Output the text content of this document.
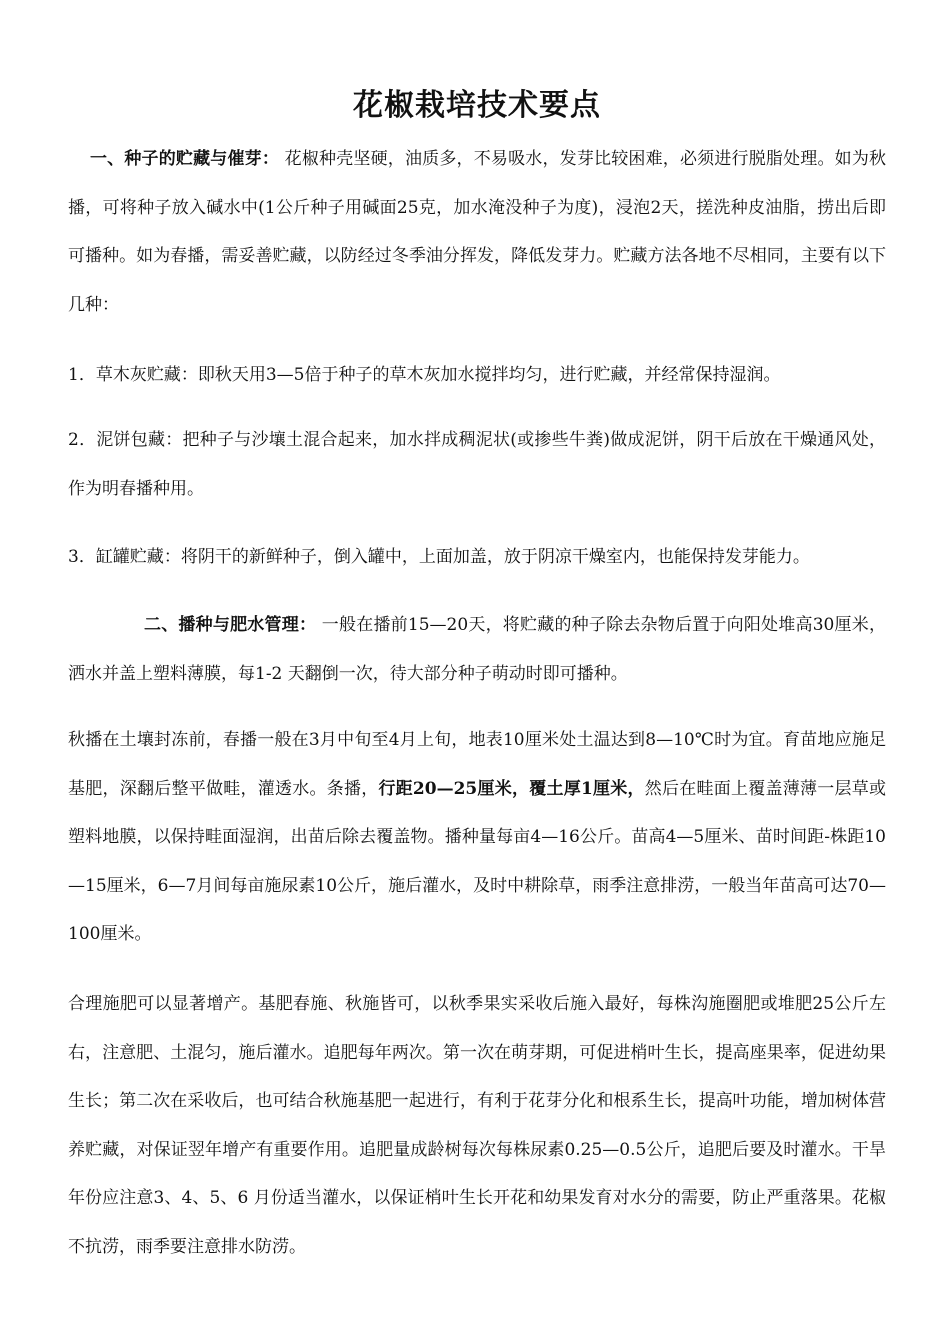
花椒栽培技术要点

一、种子的贮藏与催芽： 花椒种壳坚硬，油质多，不易吸水，发芽比较困难，必须进行脱脂处理。如为秋播，可将种子放入碱水中(1公斤种子用碱面25克，加水淹没种子为度)，浸泡2天，搓洗种皮油脂，捞出后即可播种。如为春播，需妥善贮藏，以防经过冬季油分挥发，降低发芽力。贮藏方法各地不尽相同，主要有以下几种：

1．草木灰贮藏：即秋天用3—5倍于种子的草木灰加水搅拌均匀，进行贮藏，并经常保持湿润。

2．泥饼包藏：把种子与沙壤土混合起来，加水拌成稠泥状(或掺些牛粪)做成泥饼，阴干后放在干燥通风处，作为明春播种用。

3．缸罐贮藏：将阴干的新鲜种子，倒入罐中，上面加盖，放于阴凉干燥室内，也能保持发芽能力。

二、播种与肥水管理： 一般在播前15—20天，将贮藏的种子除去杂物后置于向阳处堆高30厘米，洒水并盖上塑料薄膜，每1-2 天翻倒一次，待大部分种子萌动时即可播种。

秋播在土壤封冻前，春播一般在3月中旬至4月上旬，地表10厘米处土温达到8—10℃时为宜。育苗地应施足基肥，深翻后整平做畦，灌透水。条播，行距20—25厘米，覆土厚1厘米，然后在畦面上覆盖薄薄一层草或塑料地膜，以保持畦面湿润，出苗后除去覆盖物。播种量每亩4—16公斤。苗高4—5厘米、苗时间距-株距10—15厘米，6—7月间每亩施尿素10公斤，施后灌水，及时中耕除草，雨季注意排涝，一般当年苗高可达70—100厘米。

合理施肥可以显著增产。基肥春施、秋施皆可，以秋季果实采收后施入最好，每株沟施圈肥或堆肥25公斤左右，注意肥、土混匀，施后灌水。追肥每年两次。第一次在萌芽期，可促进梢叶生长，提高座果率，促进幼果生长；第二次在采收后，也可结合秋施基肥一起进行，有利于花芽分化和根系生长，提高叶功能，增加树体营养贮藏，对保证翌年增产有重要作用。追肥量成龄树每次每株尿素0.25—0.5公斤，追肥后要及时灌水。干旱年份应注意3、4、5、6 月份适当灌水，以保证梢叶生长开花和幼果发育对水分的需要，防止严重落果。花椒不抗涝，雨季要注意排水防涝。
